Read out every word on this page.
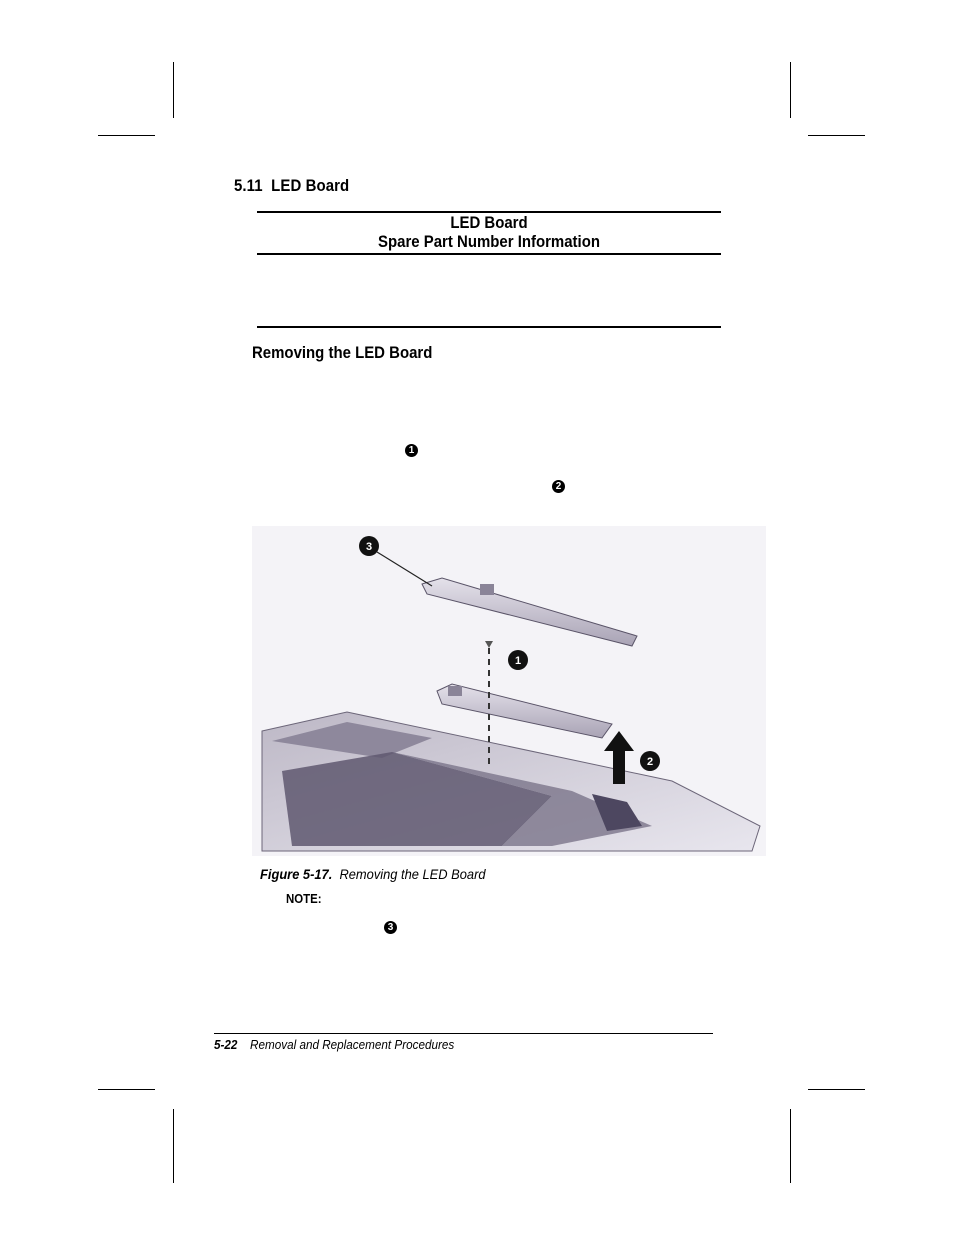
5.11 LED Board
LED Board
Spare Part Number Information
Removing the LED Board
1
2
3
1
2
Figure 5-17. Removing the LED Board
NOTE:
3
5-22 Removal and Replacement Procedures
